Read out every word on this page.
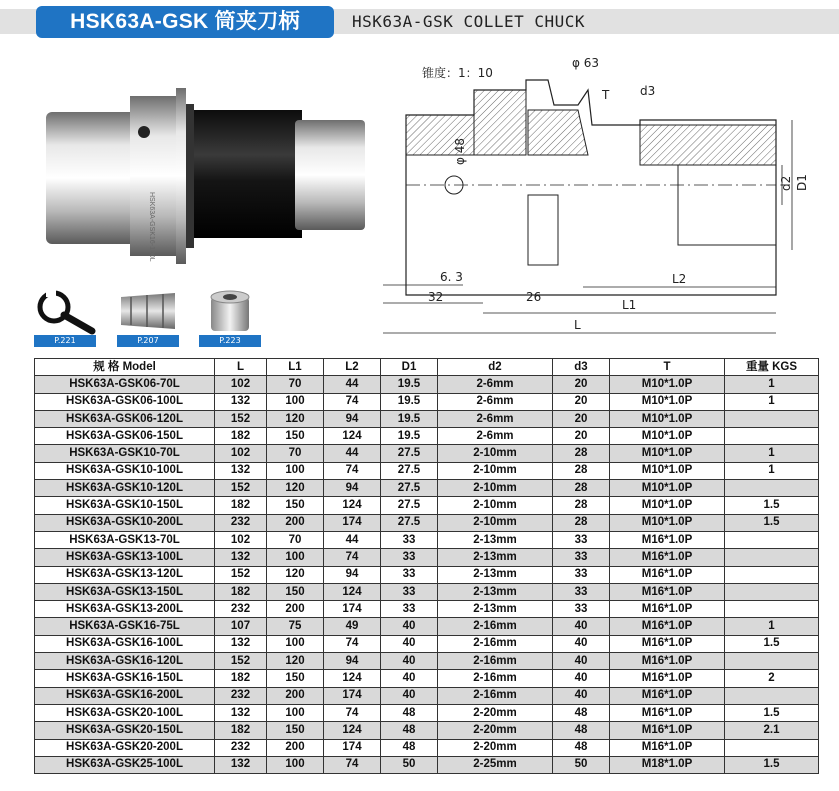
HSK63A-GSK 筒夹刀柄	HSK63A-GSK COLLET CHUCK
HSK63A-GSK16-100L
P.221	P.207	P.223
锥度：1：10
φ 63
φ 48
T	d3
d2 D1
6. 3
32	26
L2
L1
L
规 格 Model	L	L1	L2	D1	d2	d3	T	重量 KGS
HSK63A-GSK06-70L	102	70	44	19.5	2-6mm	20	M10*1.0P	1
HSK63A-GSK06-100L	132	100	74	19.5	2-6mm	20	M10*1.0P	1
HSK63A-GSK06-120L	152	120	94	19.5	2-6mm	20	M10*1.0P	
HSK63A-GSK06-150L	182	150	124	19.5	2-6mm	20	M10*1.0P	
HSK63A-GSK10-70L	102	70	44	27.5	2-10mm	28	M10*1.0P	1
HSK63A-GSK10-100L	132	100	74	27.5	2-10mm	28	M10*1.0P	1
HSK63A-GSK10-120L	152	120	94	27.5	2-10mm	28	M10*1.0P	
HSK63A-GSK10-150L	182	150	124	27.5	2-10mm	28	M10*1.0P	1.5
HSK63A-GSK10-200L	232	200	174	27.5	2-10mm	28	M10*1.0P	1.5
HSK63A-GSK13-70L	102	70	44	33	2-13mm	33	M16*1.0P	
HSK63A-GSK13-100L	132	100	74	33	2-13mm	33	M16*1.0P	
HSK63A-GSK13-120L	152	120	94	33	2-13mm	33	M16*1.0P	
HSK63A-GSK13-150L	182	150	124	33	2-13mm	33	M16*1.0P	
HSK63A-GSK13-200L	232	200	174	33	2-13mm	33	M16*1.0P	
HSK63A-GSK16-75L	107	75	49	40	2-16mm	40	M16*1.0P	1
HSK63A-GSK16-100L	132	100	74	40	2-16mm	40	M16*1.0P	1.5
HSK63A-GSK16-120L	152	120	94	40	2-16mm	40	M16*1.0P	
HSK63A-GSK16-150L	182	150	124	40	2-16mm	40	M16*1.0P	2
HSK63A-GSK16-200L	232	200	174	40	2-16mm	40	M16*1.0P	
HSK63A-GSK20-100L	132	100	74	48	2-20mm	48	M16*1.0P	1.5
HSK63A-GSK20-150L	182	150	124	48	2-20mm	48	M16*1.0P	2.1
HSK63A-GSK20-200L	232	200	174	48	2-20mm	48	M16*1.0P	
HSK63A-GSK25-100L	132	100	74	50	2-25mm	50	M18*1.0P	1.5
